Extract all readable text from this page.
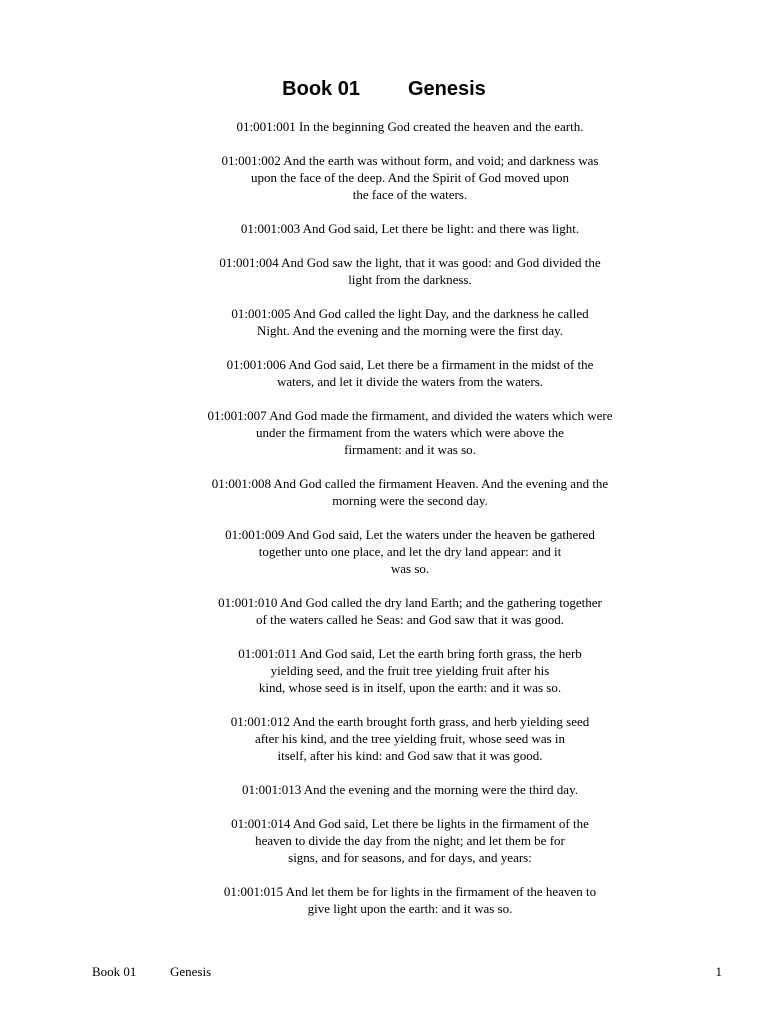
Book 01 Genesis
01:001:001 In the beginning God created the heaven and the earth.
01:001:002 And the earth was without form, and void; and darkness was
upon the face of the deep. And the Spirit of God moved upon
the face of the waters.
01:001:003 And God said, Let there be light: and there was light.
01:001:004 And God saw the light, that it was good: and God divided the
light from the darkness.
01:001:005 And God called the light Day, and the darkness he called
Night. And the evening and the morning were the first day.
01:001:006 And God said, Let there be a firmament in the midst of the
waters, and let it divide the waters from the waters.
01:001:007 And God made the firmament, and divided the waters which were
under the firmament from the waters which were above the
firmament: and it was so.
01:001:008 And God called the firmament Heaven. And the evening and the
morning were the second day.
01:001:009 And God said, Let the waters under the heaven be gathered
together unto one place, and let the dry land appear: and it
was so.
01:001:010 And God called the dry land Earth; and the gathering together
of the waters called he Seas: and God saw that it was good.
01:001:011 And God said, Let the earth bring forth grass, the herb
yielding seed, and the fruit tree yielding fruit after his
kind, whose seed is in itself, upon the earth: and it was so.
01:001:012 And the earth brought forth grass, and herb yielding seed
after his kind, and the tree yielding fruit, whose seed was in
itself, after his kind: and God saw that it was good.
01:001:013 And the evening and the morning were the third day.
01:001:014 And God said, Let there be lights in the firmament of the
heaven to divide the day from the night; and let them be for
signs, and for seasons, and for days, and years:
01:001:015 And let them be for lights in the firmament of the heaven to
give light upon the earth: and it was so.
Book 01	Genesis	1
